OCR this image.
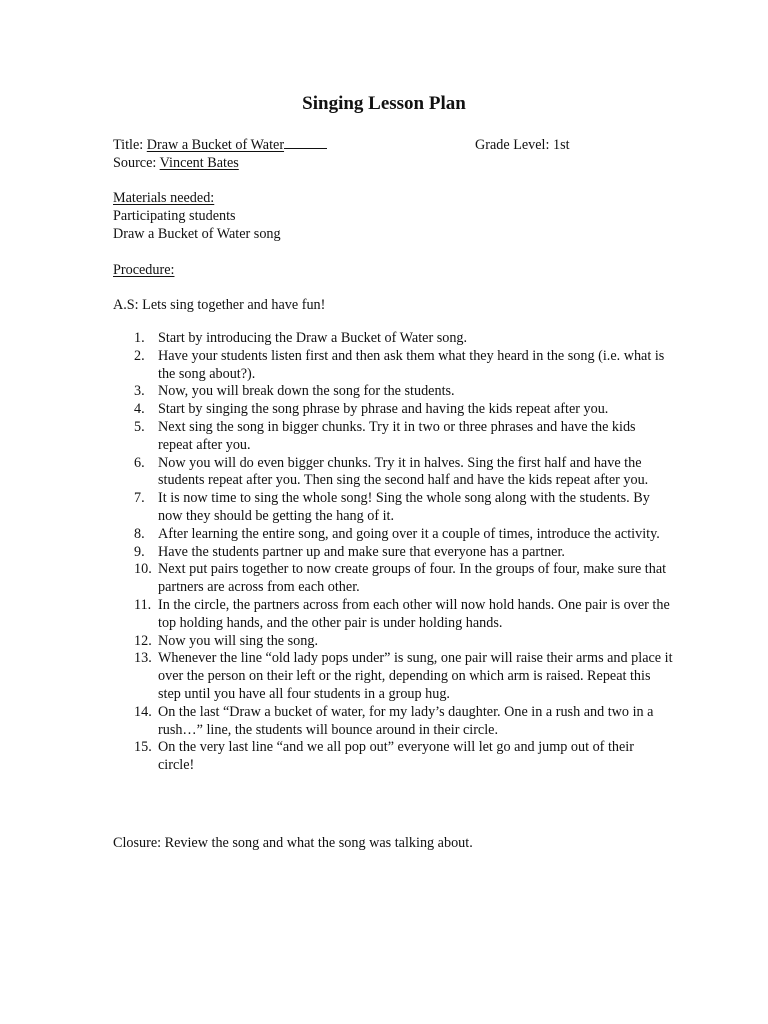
Singing Lesson Plan
Title: Draw a Bucket of Water	Grade Level: 1st
Source: Vincent Bates
Materials needed:
Participating students
Draw a Bucket of Water song
Procedure:
A.S: Lets sing together and have fun!
1. Start by introducing the Draw a Bucket of Water song.
2. Have your students listen first and then ask them what they heard in the song (i.e. what is the song about?).
3. Now, you will break down the song for the students.
4. Start by singing the song phrase by phrase and having the kids repeat after you.
5. Next sing the song in bigger chunks. Try it in two or three phrases and have the kids repeat after you.
6. Now you will do even bigger chunks. Try it in halves. Sing the first half and have the students repeat after you. Then sing the second half and have the kids repeat after you.
7. It is now time to sing the whole song! Sing the whole song along with the students. By now they should be getting the hang of it.
8. After learning the entire song, and going over it a couple of times, introduce the activity.
9. Have the students partner up and make sure that everyone has a partner.
10. Next put pairs together to now create groups of four. In the groups of four, make sure that partners are across from each other.
11. In the circle, the partners across from each other will now hold hands. One pair is over the top holding hands, and the other pair is under holding hands.
12. Now you will sing the song.
13. Whenever the line “old lady pops under” is sung, one pair will raise their arms and place it over the person on their left or the right, depending on which arm is raised. Repeat this step until you have all four students in a group hug.
14. On the last “Draw a bucket of water, for my lady’s daughter. One in a rush and two in a rush…” line, the students will bounce around in their circle.
15. On the very last line “and we all pop out” everyone will let go and jump out of their circle!
Closure: Review the song and what the song was talking about.
